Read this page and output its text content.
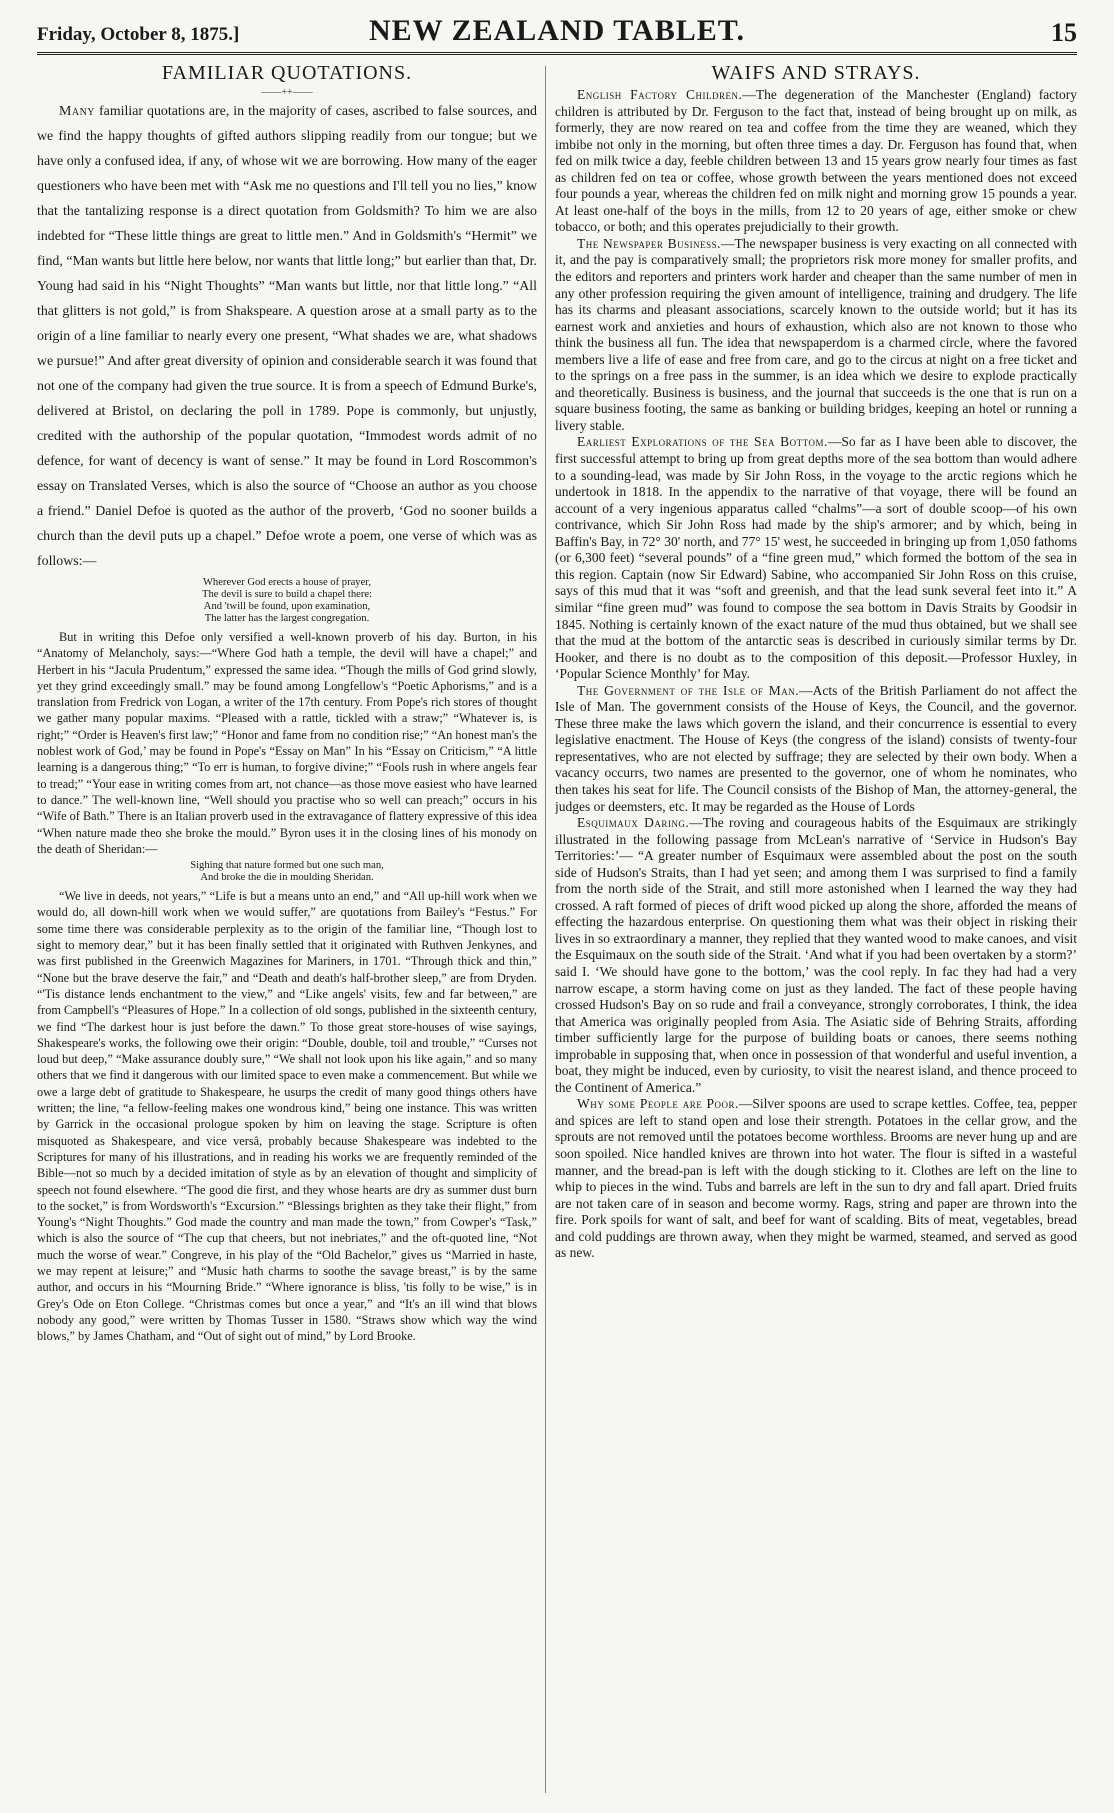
Friday, October 8, 1875.]	NEW ZEALAND TABLET.	15
FAMILIAR QUOTATIONS.
——++——

Many familiar quotations are, in the majority of cases, ascribed to false sources, and we find the happy thoughts of gifted authors slipping readily from our tongue; but we have only a confused idea, if any, of whose wit we are borrowing. How many of the eager questioners who have been met with “Ask me no questions and I'll tell you no lies,” know that the tantalizing response is a direct quotation from Goldsmith? To him we are also indebted for “These little things are great to little men.” And in Goldsmith's “Hermit” we find, “Man wants but little here below, nor wants that little long;” but earlier than that, Dr. Young had said in his “Night Thoughts” “Man wants but little, nor that little long.” “All that glitters is not gold,” is from Shakspeare. A question arose at a small party as to the origin of a line familiar to nearly every one present, “What shades we are, what shadows we pursue!” And after great diversity of opinion and considerable search it was found that not one of the company had given the true source. It is from a speech of Edmund Burke's, delivered at Bristol, on declaring the poll in 1789. Pope is commonly, but unjustly, credited with the authorship of the popular quotation, “Immodest words admit of no defence, for want of decency is want of sense.” It may be found in Lord Roscommon's essay on Translated Verses, which is also the source of “Choose an author as you choose a friend.” Daniel Defoe is quoted as the author of the proverb, ‘God no sooner builds a church than the devil puts up a chapel.” Defoe wrote a poem, one verse of which was as follows:—

Wherever God erects a house of prayer,
The devil is sure to build a chapel there:
And 'twill be found, upon examination,
The latter has the largest congregation.

But in writing this Defoe only versified a well-known proverb of his day. Burton, in his “Anatomy of Melancholy, says:—“Where God hath a temple, the devil will have a chapel;” and Herbert in his “Jacula Prudentum,” expressed the same idea. “Though the mills of God grind slowly, yet they grind exceedingly small.” may be found among Longfellow's “Poetic Aphorisms,” and is a translation from Fredrick von Logan, a writer of the 17th century. From Pope's rich stores of thought we gather many popular maxims. “Pleased with a rattle, tickled with a straw;” “Whatever is, is right;” “Order is Heaven's first law;” “Honor and fame from no condition rise;” “An honest man's the noblest work of God,’ may be found in Pope's “Essay on Man” In his “Essay on Criticism,” “A little learning is a dangerous thing;” “To err is human, to forgive divine;” “Fools rush in where angels fear to tread;” “Your ease in writing comes from art, not chance—as those move easiest who have learned to dance.” The well-known line, “Well should you practise who so well can preach;” occurs in his “Wife of Bath.” There is an Italian proverb used in the extravagance of flattery expressive of this idea “When nature made theo she broke the mould.” Byron uses it in the closing lines of his monody on the death of Sheridan:—

Sighing that nature formed but one such man,
And broke the die in moulding Sheridan.

“We live in deeds, not years,” “Life is but a means unto an end,” and “All up-hill work when we would do, all down-hill work when we would suffer,” are quotations from Bailey's “Festus.” For some time there was considerable perplexity as to the origin of the familiar line, “Though lost to sight to memory dear,” but it has been finally settled that it originated with Ruthven Jenkynes, and was first published in the Greenwich Magazines for Mariners, in 1701. “Through thick and thin,” “None but the brave deserve the fair,” and “Death and death's half-brother sleep,” are from Dryden. “'Tis distance lends enchantment to the view,” and “Like angels' visits, few and far between,” are from Campbell's “Pleasures of Hope.” In a collection of old songs, published in the sixteenth century, we find “The darkest hour is just before the dawn.” To those great store-houses of wise sayings, Shakespeare's works, the following owe their origin: “Double, double, toil and trouble,” “Curses not loud but deep,” “Make assurance doubly sure,” “We shall not look upon his like again,” and so many others that we find it dangerous with our limited space to even make a commencement. But while we owe a large debt of gratitude to Shakespeare, he usurps the credit of many good things others have written; the line, “a fellow-feeling makes one wondrous kind,” being one instance. This was written by Garrick in the occasional prologue spoken by him on leaving the stage. Scripture is often misquoted as Shakespeare, and vice versâ, probably because Shakespeare was indebted to the Scriptures for many of his illustrations, and in reading his works we are frequently reminded of the Bible—not so much by a decided imitation of style as by an elevation of thought and simplicity of speech not found elsewhere. “The good die first, and they whose hearts are dry as summer dust burn to the socket,” is from Wordsworth's “Excursion.” “Blessings brighten as they take their flight,” from Young's “Night Thoughts.” God made the country and man made the town,” from Cowper's “Task,” which is also the source of “The cup that cheers, but not inebriates,” and the oft-quoted line, “Not much the worse of wear.” Congreve, in his play of the “Old Bachelor,” gives us “Married in haste, we may repent at leisure;” and “Music hath charms to soothe the savage breast,” is by the same author, and occurs in his “Mourning Bride.” “Where ignorance is bliss, 'tis folly to be wise,” is in Grey's Ode on Eton College. “Christmas comes but once a year,” and “It's an ill wind that blows nobody any good,” were written by Thomas Tusser in 1580. “Straws show which way the wind blows,” by James Chatham, and “Out of sight out of mind,” by Lord Brooke.

WAIFS AND STRAYS.

English Factory Children.—The degeneration of the Manchester (England) factory children is attributed by Dr. Ferguson to the fact that, instead of being brought up on milk, as formerly, they are now reared on tea and coffee from the time they are weaned, which they imbibe not only in the morning, but often three times a day. Dr. Ferguson has found that, when fed on milk twice a day, feeble children between 13 and 15 years grow nearly four times as fast as children fed on tea or coffee, whose growth between the years mentioned does not exceed four pounds a year, whereas the children fed on milk night and morning grow 15 pounds a year. At least one-half of the boys in the mills, from 12 to 20 years of age, either smoke or chew tobacco, or both; and this operates prejudicially to their growth.

The Newspaper Business.—The newspaper business is very exacting on all connected with it, and the pay is comparatively small; the proprietors risk more money for smaller profits, and the editors and reporters and printers work harder and cheaper than the same number of men in any other profession requiring the given amount of intelligence, training and drudgery. The life has its charms and pleasant associations, scarcely known to the outside world; but it has its earnest work and anxieties and hours of exhaustion, which also are not known to those who think the business all fun. The idea that newspaperdom is a charmed circle, where the favored members live a life of ease and free from care, and go to the circus at night on a free ticket and to the springs on a free pass in the summer, is an idea which we desire to explode practically and theoretically. Business is business, and the journal that succeeds is the one that is run on a square business footing, the same as banking or building bridges, keeping an hotel or running a livery stable.

Earliest Explorations of the Sea Bottom.—So far as I have been able to discover, the first successful attempt to bring up from great depths more of the sea bottom than would adhere to a sounding-lead, was made by Sir John Ross, in the voyage to the arctic regions which he undertook in 1818. In the appendix to the narrative of that voyage, there will be found an account of a very ingenious apparatus called “chalms”—a sort of double scoop—of his own contrivance, which Sir John Ross had made by the ship's armorer; and by which, being in Baffin's Bay, in 72° 30' north, and 77° 15' west, he succeeded in bringing up from 1,050 fathoms (or 6,300 feet) “several pounds” of a “fine green mud,” which formed the bottom of the sea in this region. Captain (now Sir Edward) Sabine, who accompanied Sir John Ross on this cruise, says of this mud that it was “soft and greenish, and that the lead sunk several feet into it.” A similar “fine green mud” was found to compose the sea bottom in Davis Straits by Goodsir in 1845. Nothing is certainly known of the exact nature of the mud thus obtained, but we shall see that the mud at the bottom of the antarctic seas is described in curiously similar terms by Dr. Hooker, and there is no doubt as to the composition of this deposit.—Professor Huxley, in ‘Popular Science Monthly’ for May.

The Government of the Isle of Man.—Acts of the British Parliament do not affect the Isle of Man. The government consists of the House of Keys, the Council, and the governor. These three make the laws which govern the island, and their concurrence is essential to every legislative enactment. The House of Keys (the congress of the island) consists of twenty-four representatives, who are not elected by suffrage; they are selected by their own body. When a vacancy occurrs, two names are presented to the governor, one of whom he nominates, who then takes his seat for life. The Council consists of the Bishop of Man, the attorney-general, the judges or deemsters, etc. It may be regarded as the House of Lords

Esquimaux Daring.—The roving and courageous habits of the Esquimaux are strikingly illustrated in the following passage from McLean's narrative of ‘Service in Hudson's Bay Territories:’— “A greater number of Esquimaux were assembled about the post on the south side of Hudson's Straits, than I had yet seen; and among them I was surprised to find a family from the north side of the Strait, and still more astonished when I learned the way they had crossed. A raft formed of pieces of drift wood picked up along the shore, afforded the means of effecting the hazardous enterprise. On questioning them what was their object in risking their lives in so extraordinary a manner, they replied that they wanted wood to make canoes, and visit the Esquimaux on the south side of the Strait. ‘And what if you had been overtaken by a storm?’ said I. ‘We should have gone to the bottom,’ was the cool reply. In fac they had had a very narrow escape, a storm having come on just as they landed. The fact of these people having crossed Hudson's Bay on so rude and frail a conveyance, strongly corroborates, I think, the idea that America was originally peopled from Asia. The Asiatic side of Behring Straits, affording timber sufficiently large for the purpose of building boats or canoes, there seems nothing improbable in supposing that, when once in possession of that wonderful and useful invention, a boat, they might be induced, even by curiosity, to visit the nearest island, and thence proceed to the Continent of America.”

Why some People are Poor.—Silver spoons are used to scrape kettles. Coffee, tea, pepper and spices are left to stand open and lose their strength. Potatoes in the cellar grow, and the sprouts are not removed until the potatoes become worthless. Brooms are never hung up and are soon spoiled. Nice handled knives are thrown into hot water. The flour is sifted in a wasteful manner, and the bread-pan is left with the dough sticking to it. Clothes are left on the line to whip to pieces in the wind. Tubs and barrels are left in the sun to dry and fall apart. Dried fruits are not taken care of in season and become wormy. Rags, string and paper are thrown into the fire. Pork spoils for want of salt, and beef for want of scalding. Bits of meat, vegetables, bread and cold puddings are thrown away, when they might be warmed, steamed, and served as good as new.
